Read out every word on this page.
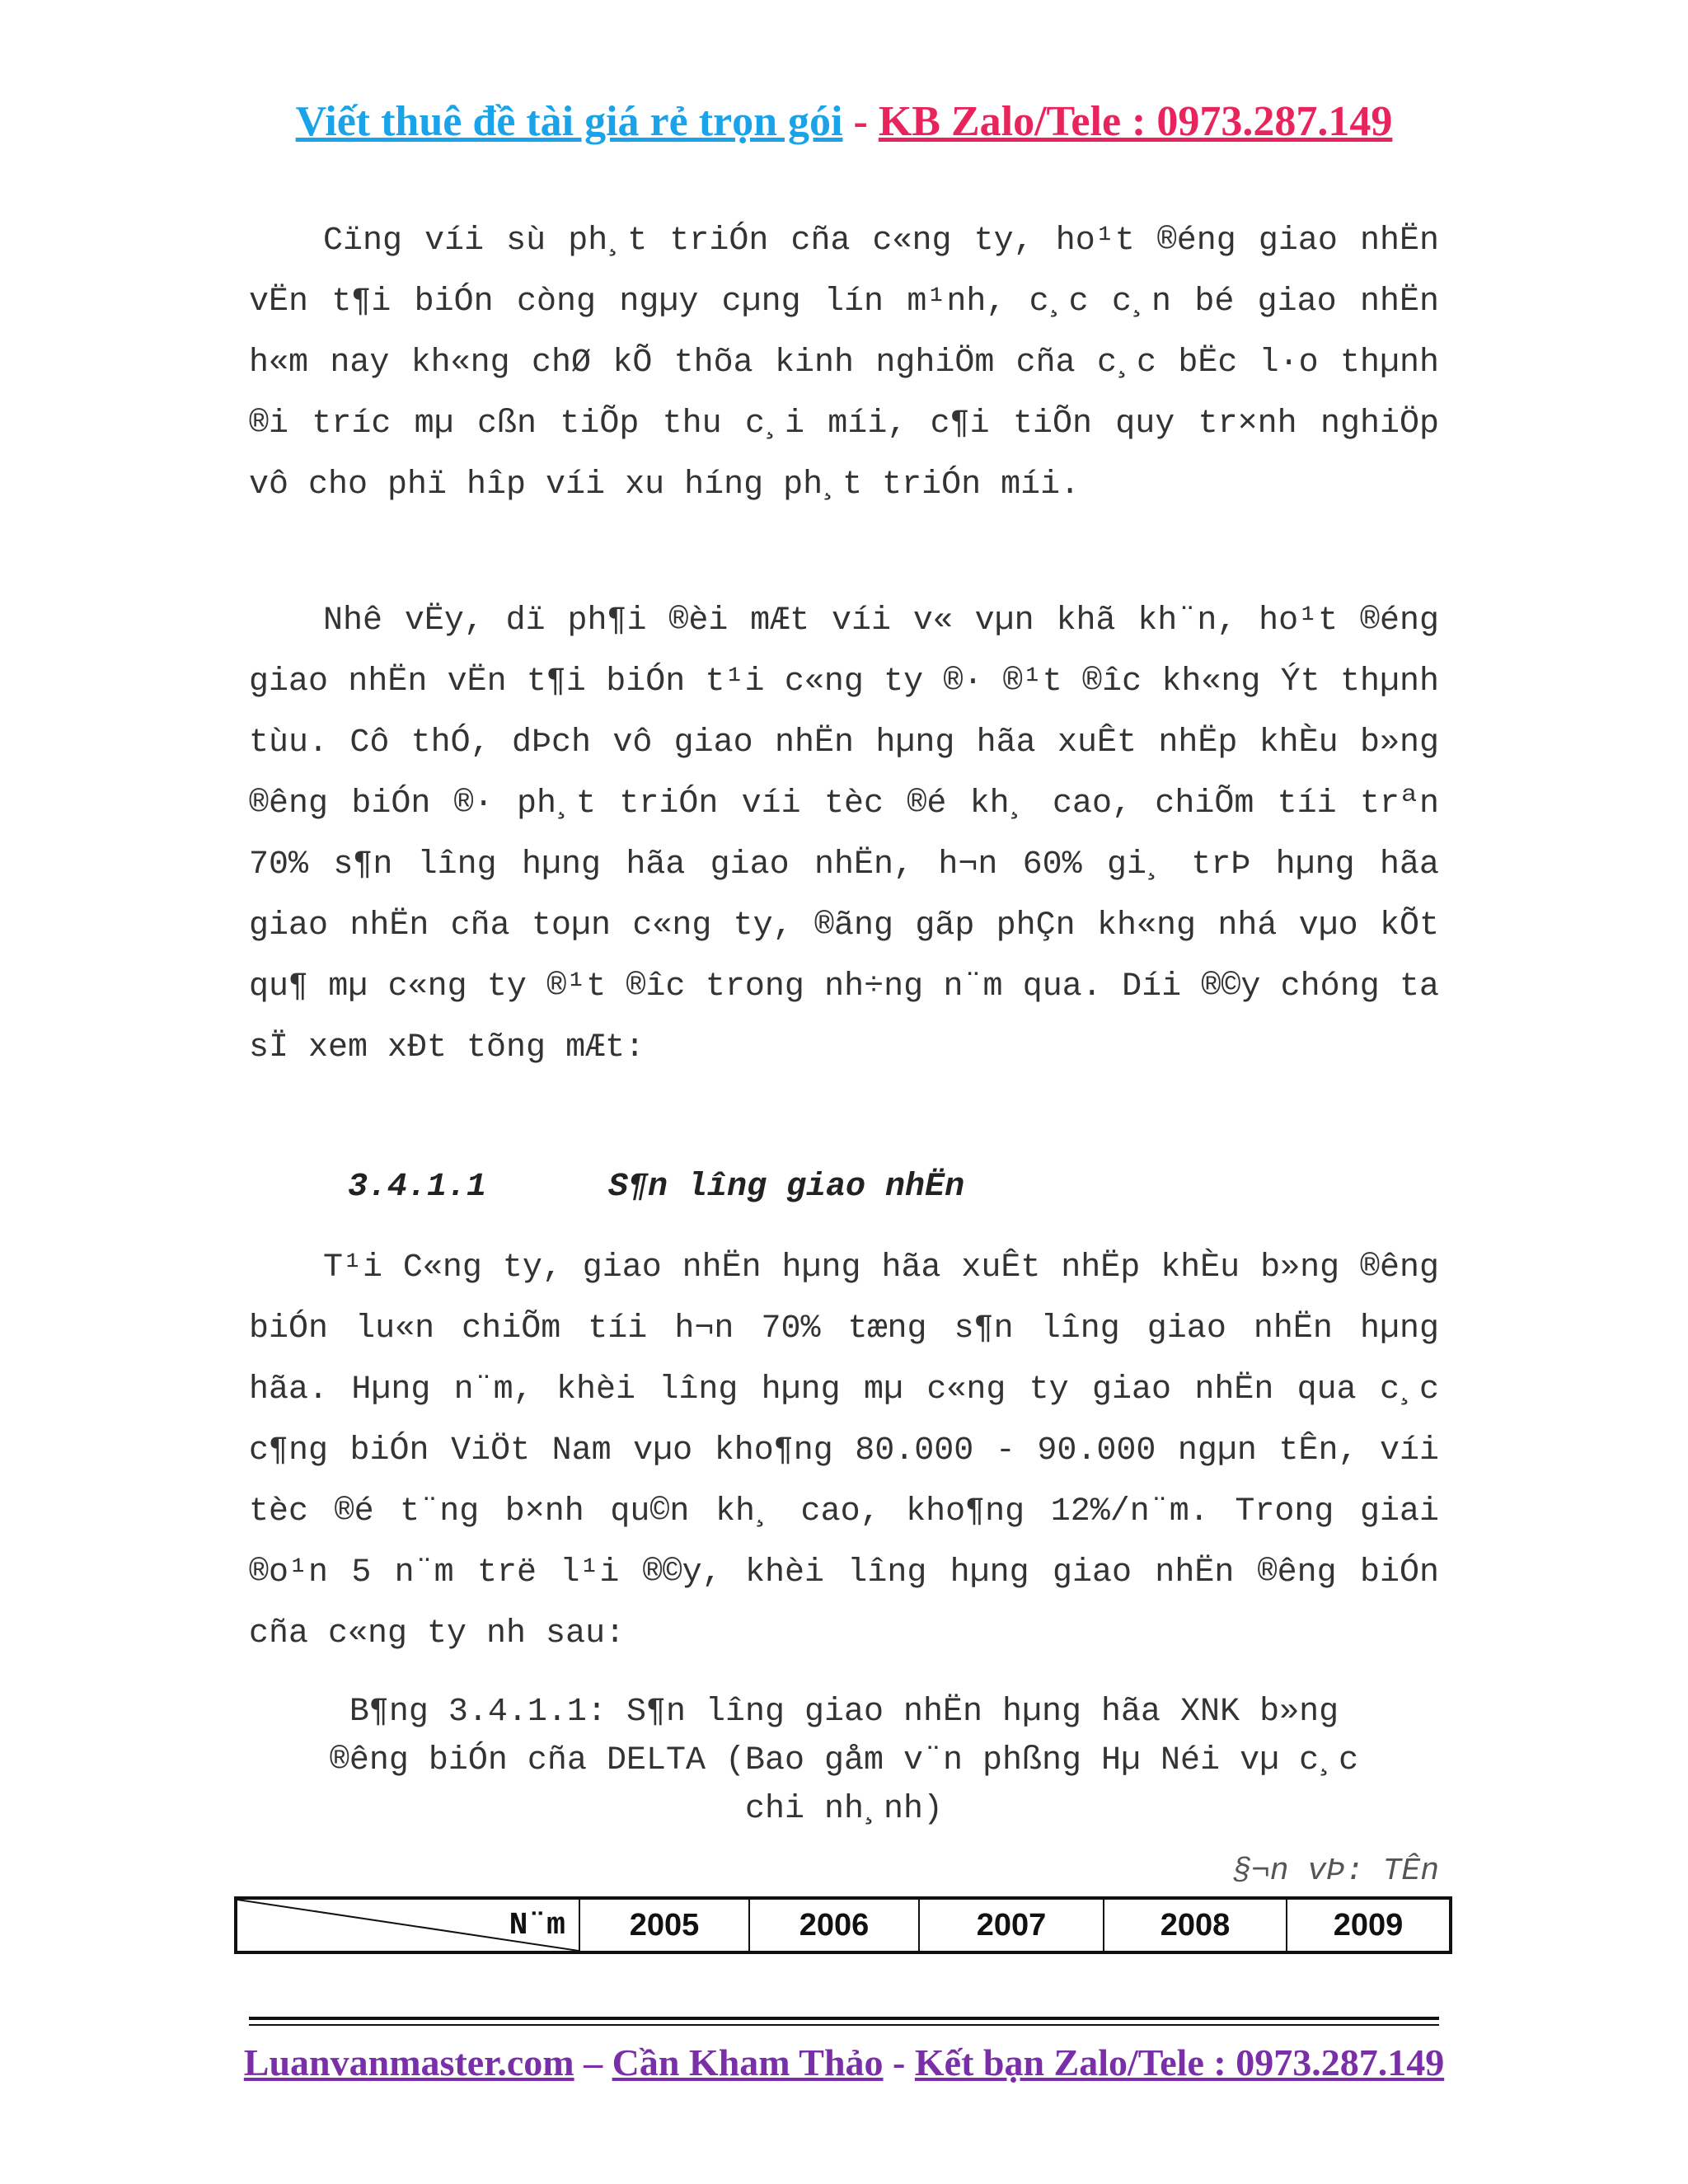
Viết thuê đề tài giá rẻ trọn gói - KB Zalo/Tele : 0973.287.149

Cïng víi sù ph¸t triÓn cña c«ng ty, ho¹t ®éng giao nhËn vËn t¶i biÓn còng ngµy cµng lín m¹nh, c¸c c¸n bé giao nhËn h«m nay kh«ng chØ kÕ thõa kinh nghiÖm cña c¸c bËc l·o thµnh ®i tríc mµ cßn tiÕp thu c¸i míi, c¶i tiÕn quy tr×nh nghiÖp vô cho phï hîp víi xu híng ph¸t triÓn míi.

Nhê vËy, dï ph¶i ®èi mÆt víi v« vµn khã kh¨n, ho¹t ®éng giao nhËn vËn t¶i biÓn t¹i c«ng ty ®· ®¹t ®îc kh«ng Ýt thµnh tùu. Cô thÓ, dÞch vô giao nhËn hµng hãa xuÊt nhËp khÈu b»ng ®êng biÓn ®· ph¸t triÓn víi tèc ®é kh¸ cao, chiÕm tíi trªn 70% s¶n lîng hµng hãa giao nhËn, h¬n 60% gi¸ trÞ hµng hãa giao nhËn cña toµn c«ng ty, ®ãng gãp phÇn kh«ng nhá vµo kÕt qu¶ mµ c«ng ty ®¹t ®îc trong nh÷ng n¨m qua. Díi ®©y chóng ta sÏ xem xÐt tõng mÆt:

3.4.1.1	S¶n lîng giao nhËn

T¹i C«ng ty, giao nhËn hµng hãa xuÊt nhËp khÈu b»ng ®êng biÓn lu«n chiÕm tíi h¬n 70% tæng s¶n lîng giao nhËn hµng hãa. Hµng n¨m, khèi lîng hµng mµ c«ng ty giao nhËn qua c¸c c¶ng biÓn ViÖt Nam vµo kho¶ng 80.000 - 90.000 ngµn tÊn, víi tèc ®é t¨ng b×nh qu©n kh¸ cao, kho¶ng 12%/n¨m. Trong giai ®o¹n 5 n¨m trë l¹i ®©y, khèi lîng hµng giao nhËn ®êng biÓn cña c«ng ty nh sau:

B¶ng 3.4.1.1: S¶n lîng giao nhËn hµng hãa XNK b»ng
®êng biÓn cña DELTA (Bao gåm v¨n phßng Hµ Néi vµ c¸c
chi nh¸nh)
§¬n vÞ: TÊn
N¨m	2005	2006	2007	2008	2009
Luanvanmaster.com – Cần Kham Thảo - Kết bạn Zalo/Tele : 0973.287.149
